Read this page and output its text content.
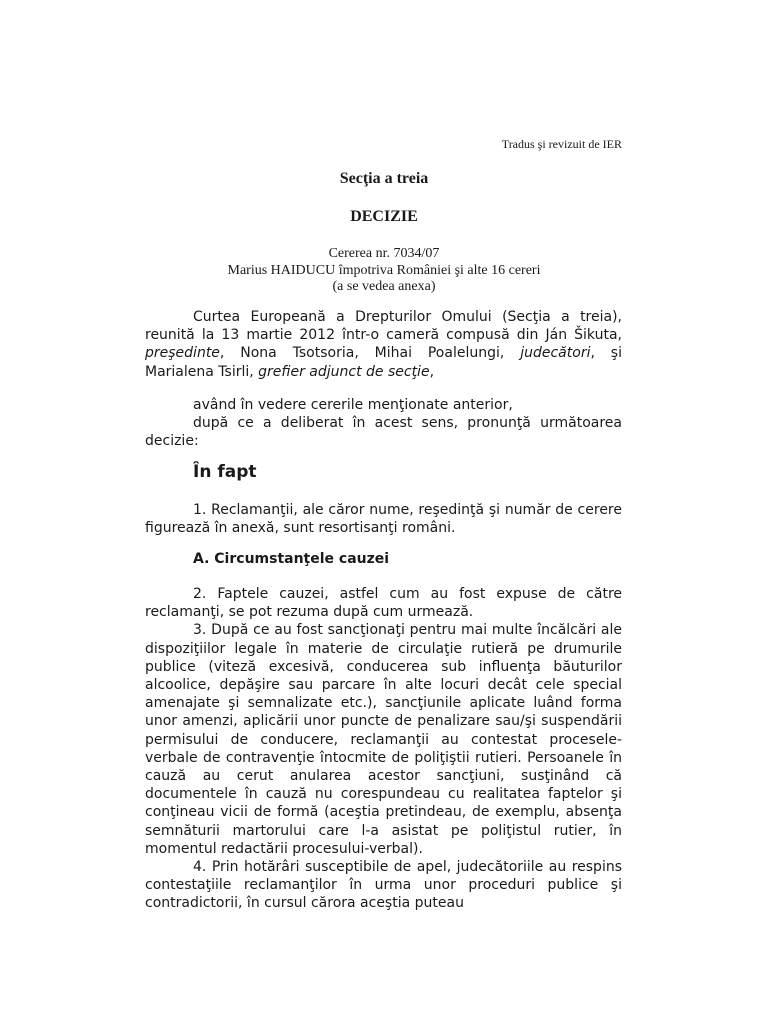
Tradus şi revizuit de IER
Secţia a treia
DECIZIE
Cererea nr. 7034/07
Marius HAIDUCU împotriva României şi alte 16 cereri
(a se vedea anexa)

Curtea Europeană a Drepturilor Omului (Secţia a treia), reunită la 13 martie 2012 într-o cameră compusă din Ján Šikuta, preşedinte, Nona Tsotsoria, Mihai Poalelungi, judecători, şi Marialena Tsirli, grefier adjunct de secţie,

având în vedere cererile menţionate anterior,

după ce a deliberat în acest sens, pronunţă următoarea decizie:

În fapt

1. Reclamanţii, ale căror nume, reşedinţă şi număr de cerere figurează în anexă, sunt resortisanţi români.

A. Circumstanţele cauzei

2. Faptele cauzei, astfel cum au fost expuse de către reclamanţi, se pot rezuma după cum urmează.

3. După ce au fost sancţionaţi pentru mai multe încălcări ale dispoziţiilor legale în materie de circulaţie rutieră pe drumurile publice (viteză excesivă, conducerea sub influenţa băuturilor alcoolice, depăşire sau parcare în alte locuri decât cele special amenajate şi semnalizate etc.), sancţiunile aplicate luând forma unor amenzi, aplicării unor puncte de penalizare sau/şi suspendării permisului de conducere, reclamanţii au contestat procesele-verbale de contravenţie întocmite de poliţiştii rutieri. Persoanele în cauză au cerut anularea acestor sancţiuni, susţinând că documentele în cauză nu corespundeau cu realitatea faptelor şi conţineau vicii de formă (aceştia pretindeau, de exemplu, absenţa semnăturii martorului care l-a asistat pe poliţistul rutier, în momentul redactării procesului-verbal).

4. Prin hotărâri susceptibile de apel, judecătoriile au respins contestaţiile reclamanţilor în urma unor proceduri publice şi contradictorii, în cursul cărora aceştia puteau
